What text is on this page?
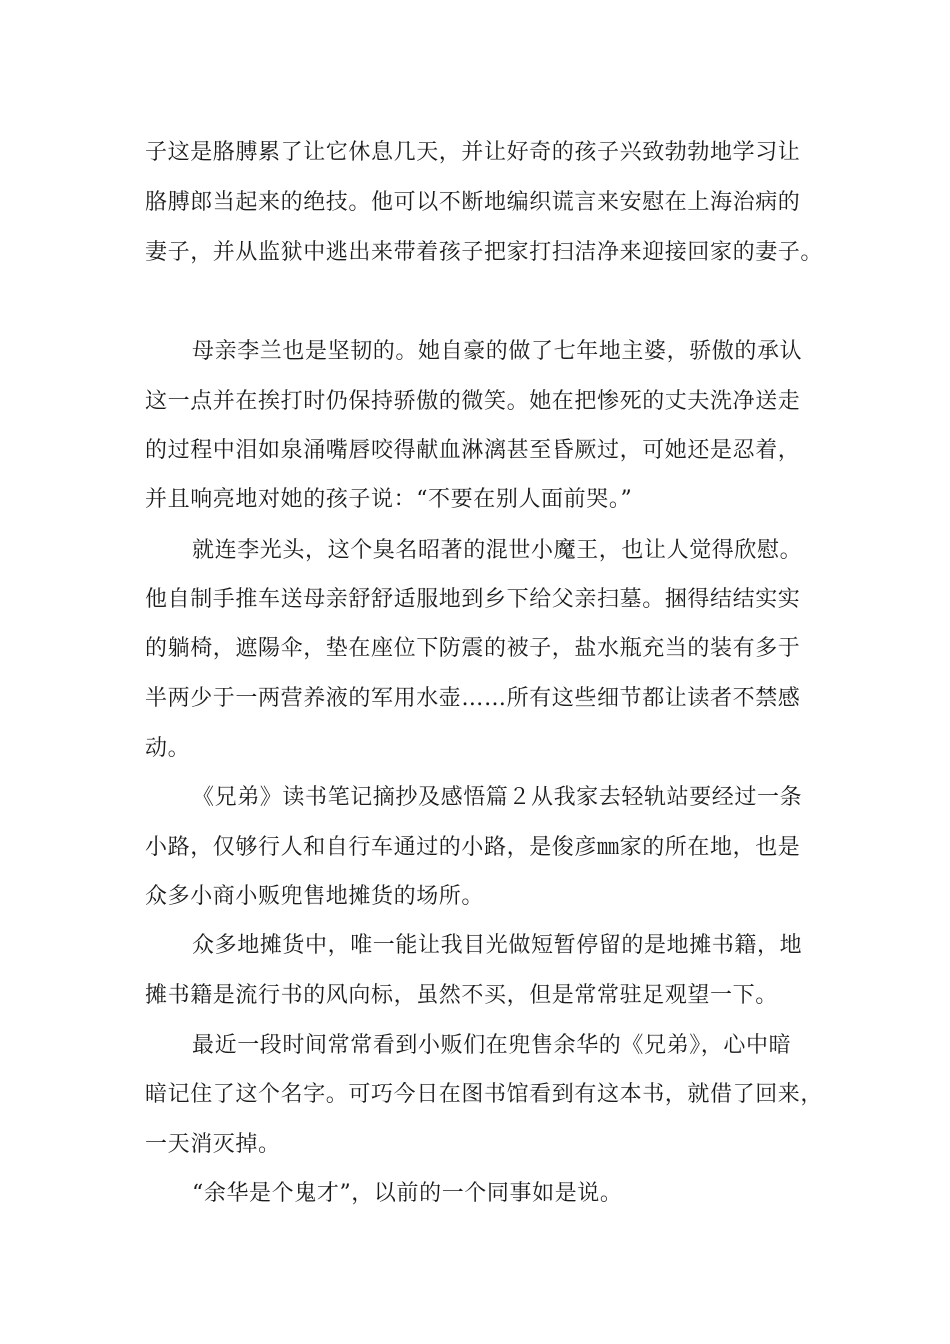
子这是胳膊累了让它休息几天，并让好奇的孩子兴致勃勃地学习让
胳膊郎当起来的绝技。他可以不断地编织谎言来安慰在上海治病的
妻子，并从监狱中逃出来带着孩子把家打扫洁净来迎接回家的妻子。
母亲李兰也是坚韧的。她自豪的做了七年地主婆，骄傲的承认
这一点并在挨打时仍保持骄傲的微笑。她在把惨死的丈夫洗净送走
的过程中泪如泉涌嘴唇咬得献血淋漓甚至昏厥过，可她还是忍着，
并且响亮地对她的孩子说：“不要在别人面前哭。”
就连李光头，这个臭名昭著的混世小魔王，也让人觉得欣慰。
他自制手推车送母亲舒舒适服地到乡下给父亲扫墓。捆得结结实实
的躺椅，遮陽伞，垫在座位下防震的被子，盐水瓶充当的装有多于
半两少于一两营养液的军用水壶……所有这些细节都让读者不禁感
动。
《兄弟》读书笔记摘抄及感悟篇２从我家去轻轨站要经过一条
小路，仅够行人和自行车通过的小路，是俊彦㎜家的所在地，也是
众多小商小贩兜售地摊货的场所。
众多地摊货中，唯一能让我目光做短暂停留的是地摊书籍，地
摊书籍是流行书的风向标，虽然不买，但是常常驻足观望一下。
最近一段时间常常看到小贩们在兜售余华的《兄弟》，心中暗
暗记住了这个名字。可巧今日在图书馆看到有这本书，就借了回来，
一天消灭掉。
“余华是个鬼才”，以前的一个同事如是说。
